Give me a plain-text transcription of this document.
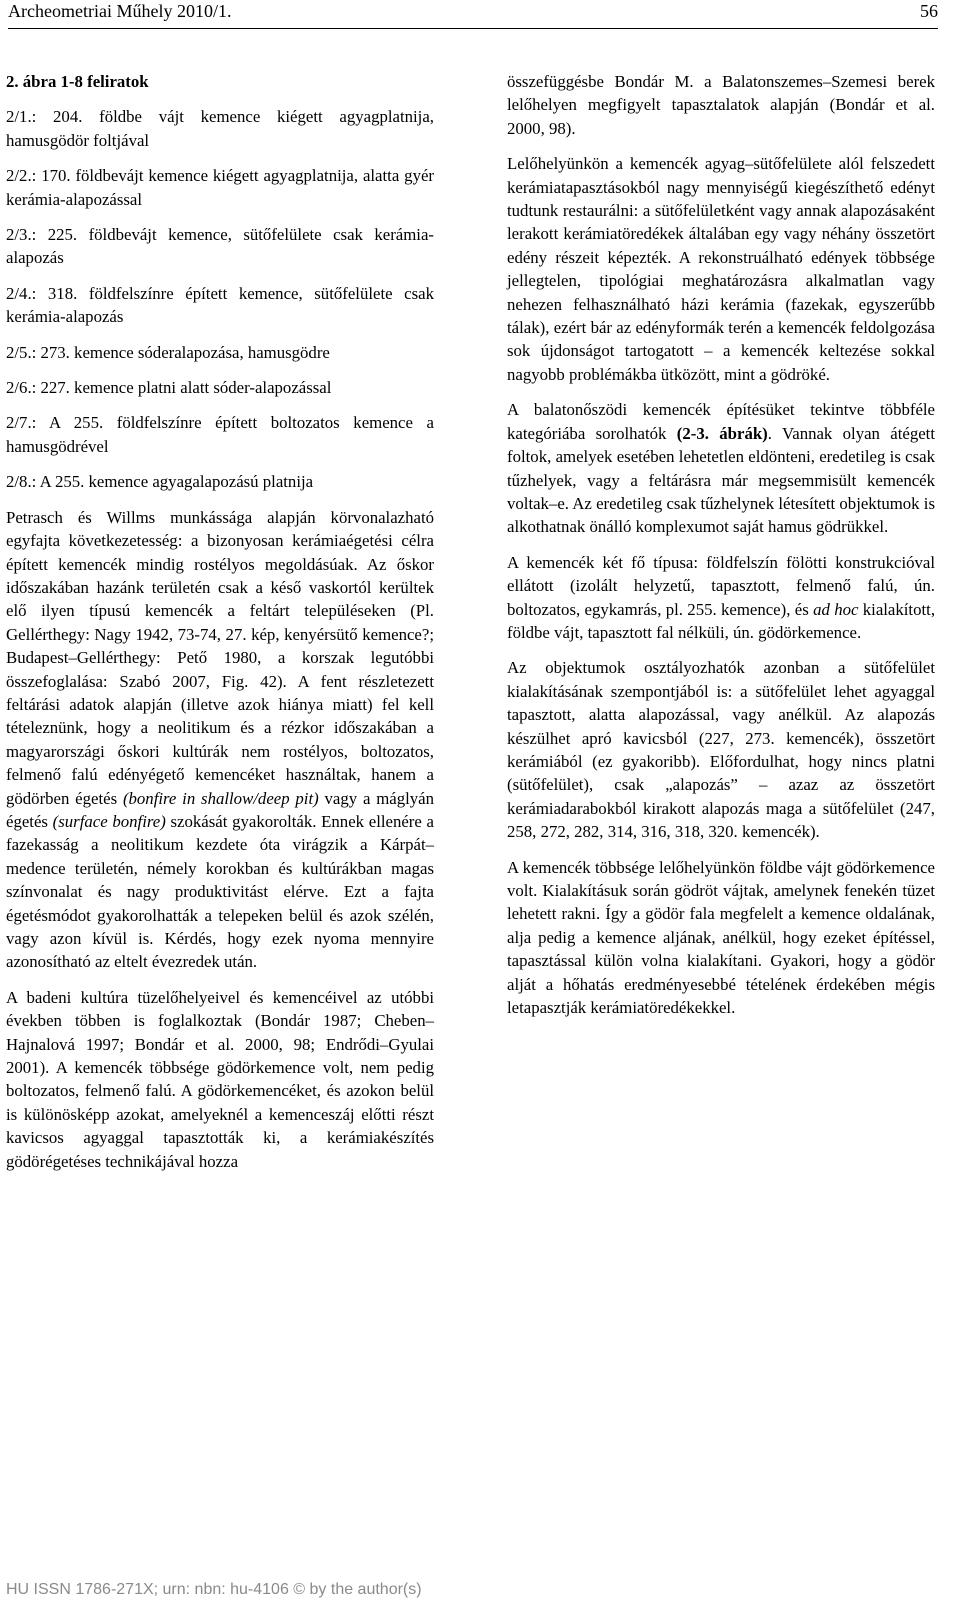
Archeometriai Műhely 2010/1.	56

2. ábra 1-8 feliratok

2/1.: 204. földbe vájt kemence kiégett agyagplatnija, hamusgödör foltjával

2/2.: 170. földbevájt kemence kiégett agyagplatnija, alatta gyér kerámia-alapozással

2/3.: 225. földbevájt kemence, sütőfelülete csak kerámia-alapozás

2/4.: 318. földfelszínre épített kemence, sütőfelülete csak kerámia-alapozás

2/5.: 273. kemence sóderalapozása, hamusgödre

2/6.: 227. kemence platni alatt sóder-alapozással

2/7.: A 255. földfelszínre épített boltozatos kemence a hamusgödrével

2/8.: A 255. kemence agyagalapozású platnija

Petrasch és Willms munkássága alapján körvonalazható egyfajta következetesség: a bizonyosan kerámiaégetési célra épített kemencék mindig rostélyos megoldásúak. Az őskor időszakában hazánk területén csak a késő vaskortól kerültek elő ilyen típusú kemencék a feltárt településeken (Pl. Gellérthegy: Nagy 1942, 73-74, 27. kép, kenyérsütő kemence?; Budapest–Gellérthegy: Pető 1980, a korszak legutóbbi összefoglalása: Szabó 2007, Fig. 42). A fent részletezett feltárási adatok alapján (illetve azok hiánya miatt) fel kell tételeznünk, hogy a neolitikum és a rézkor időszakában a magyarországi őskori kultúrák nem rostélyos, boltozatos, felmenő falú edényégető kemencéket használtak, hanem a gödörben égetés (bonfire in shallow/deep pit) vagy a máglyán égetés (surface bonfire) szokását gyakorolták. Ennek ellenére a fazekasság a neolitikum kezdete óta virágzik a Kárpát–medence területén, némely korokban és kultúrákban magas színvonalat és nagy produktivitást elérve. Ezt a fajta égetésmódot gyakorolhatták a telepeken belül és azok szélén, vagy azon kívül is. Kérdés, hogy ezek nyoma mennyire azonosítható az eltelt évezredek után.

A badeni kultúra tüzelőhelyeivel és kemencéivel az utóbbi években többen is foglalkoztak (Bondár 1987; Cheben–Hajnalová 1997; Bondár et al. 2000, 98; Endrődi–Gyulai 2001). A kemencék többsége gödörkemence volt, nem pedig boltozatos, felmenő falú. A gödörkemencéket, és azokon belül is különösképp azokat, amelyeknél a kemenceszáj előtti részt kavicsos agyaggal tapasztották ki, a kerámiakészítés gödörégetéses technikájával hozza

összefüggésbe Bondár M. a Balatonszemes–Szemesi berek lelőhelyen megfigyelt tapasztalatok alapján (Bondár et al. 2000, 98).

Lelőhelyünkön a kemencék agyag–sütőfelülete alól felszedett kerámiatapasztásokból nagy mennyiségű kiegészíthető edényt tudtunk restaurálni: a sütőfelületként vagy annak alapozásaként lerakott kerámiatöredékek általában egy vagy néhány összetört edény részeit képezték. A rekonstruálható edények többsége jellegtelen, tipológiai meghatározásra alkalmatlan vagy nehezen felhasználható házi kerámia (fazekak, egyszerűbb tálak), ezért bár az edényformák terén a kemencék feldolgozása sok újdonságot tartogatott – a kemencék keltezése sokkal nagyobb problémákba ütközött, mint a gödröké.

A balatonőszödi kemencék építésüket tekintve többféle kategóriába sorolhatók (2-3. ábrák). Vannak olyan átégett foltok, amelyek esetében lehetetlen eldönteni, eredetileg is csak tűzhelyek, vagy a feltárásra már megsemmisült kemencék voltak–e. Az eredetileg csak tűzhelynek létesített objektumok is alkothatnak önálló komplexumot saját hamus gödrükkel.

A kemencék két fő típusa: földfelszín fölötti konstrukcióval ellátott (izolált helyzetű, tapasztott, felmenő falú, ún. boltozatos, egykamrás, pl. 255. kemence), és ad hoc kialakított, földbe vájt, tapasztott fal nélküli, ún. gödörkemence.

Az objektumok osztályozhatók azonban a sütőfelület kialakításának szempontjából is: a sütőfelület lehet agyaggal tapasztott, alatta alapozással, vagy anélkül. Az alapozás készülhet apró kavicsból (227, 273. kemencék), összetört kerámiából (ez gyakoribb). Előfordulhat, hogy nincs platni (sütőfelület), csak „alapozás” – azaz az összetört kerámiadarabokból kirakott alapozás maga a sütőfelület (247, 258, 272, 282, 314, 316, 318, 320. kemencék).

A kemencék többsége lelőhelyünkön földbe vájt gödörkemence volt. Kialakításuk során gödröt vájtak, amelynek fenekén tüzet lehetett rakni. Így a gödör fala megfelelt a kemence oldalának, alja pedig a kemence aljának, anélkül, hogy ezeket építéssel, tapasztással külön volna kialakítani. Gyakori, hogy a gödör alját a hőhatás eredményesebbé tételének érdekében mégis letapasztják kerámiatöredékekkel.

HU ISSN 1786-271X; urn: nbn: hu-4106 © by the author(s)
